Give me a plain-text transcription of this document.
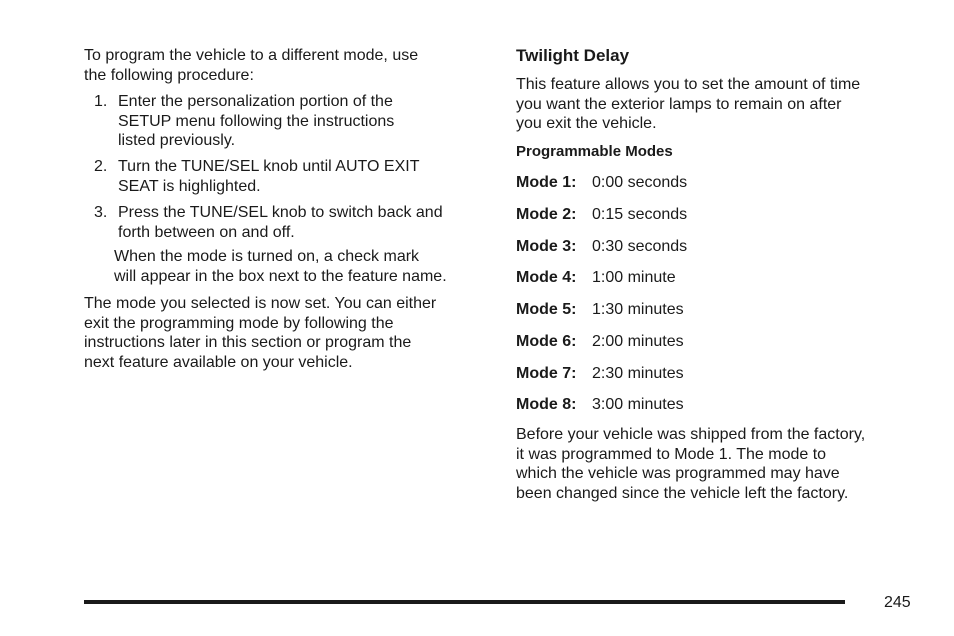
To program the vehicle to a different mode, use
the following procedure:
1. Enter the personalization portion of the
SETUP menu following the instructions
listed previously.
2. Turn the TUNE/SEL knob until AUTO EXIT
SEAT is highlighted.
3. Press the TUNE/SEL knob to switch back and
forth between on and off.
When the mode is turned on, a check mark
will appear in the box next to the feature name.
The mode you selected is now set. You can either
exit the programming mode by following the
instructions later in this section or program the
next feature available on your vehicle.
Twilight Delay
This feature allows you to set the amount of time
you want the exterior lamps to remain on after
you exit the vehicle.
Programmable Modes
Mode 1: 0:00 seconds
Mode 2: 0:15 seconds
Mode 3: 0:30 seconds
Mode 4: 1:00 minute
Mode 5: 1:30 minutes
Mode 6: 2:00 minutes
Mode 7: 2:30 minutes
Mode 8: 3:00 minutes
Before your vehicle was shipped from the factory,
it was programmed to Mode 1. The mode to
which the vehicle was programmed may have
been changed since the vehicle left the factory.
245
